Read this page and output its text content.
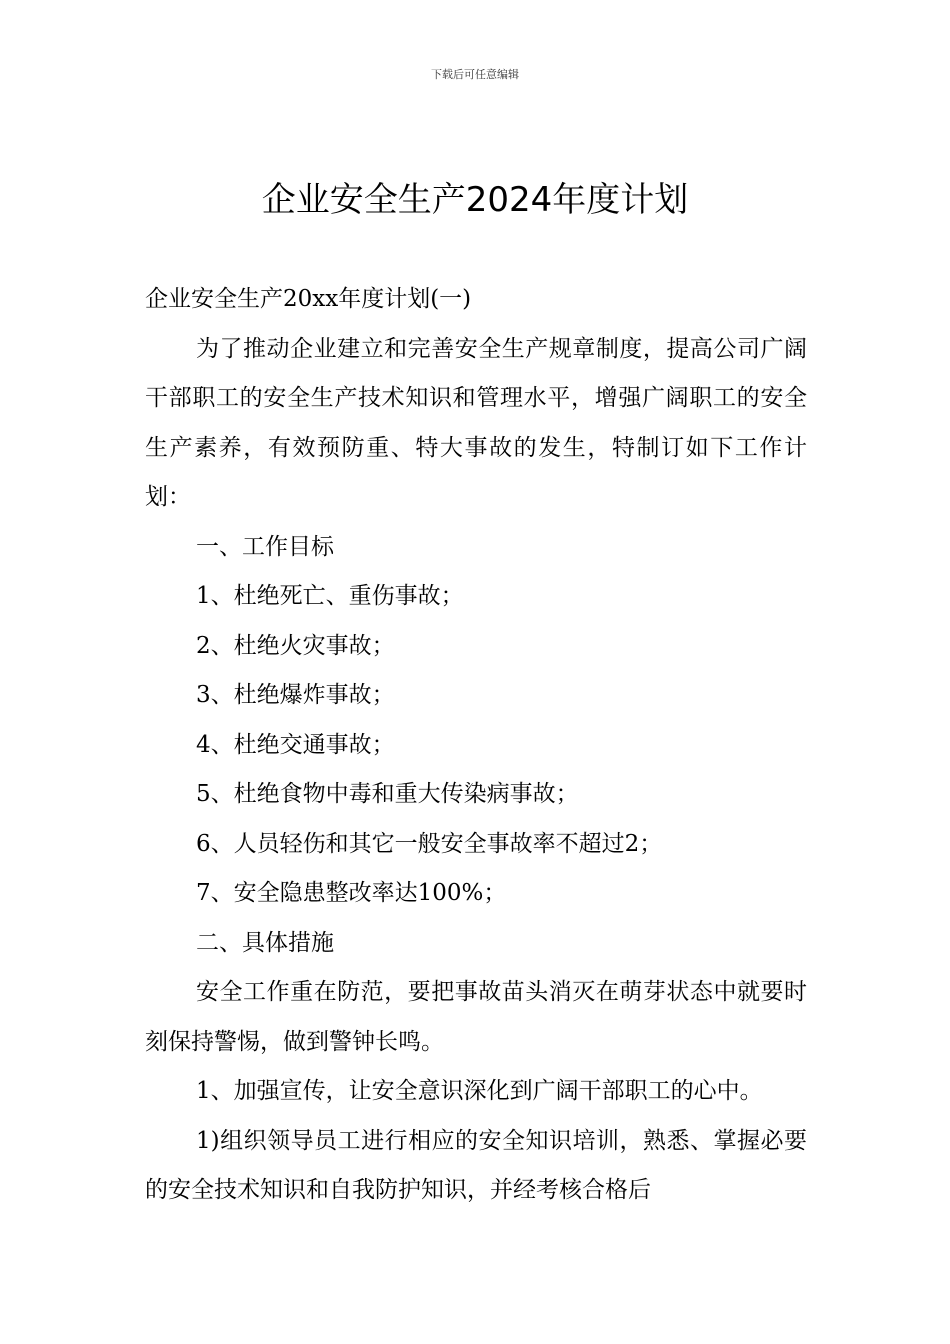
下载后可任意编辑
企业安全生产2024年度计划

企业安全生产20xx年度计划(一)

为了推动企业建立和完善安全生产规章制度，提高公司广阔干部职工的安全生产技术知识和管理水平，增强广阔职工的安全生产素养，有效预防重、特大事故的发生，特制订如下工作计划：

一、工作目标

1、杜绝死亡、重伤事故；

2、杜绝火灾事故；

3、杜绝爆炸事故；

4、杜绝交通事故；

5、杜绝食物中毒和重大传染病事故；

6、人员轻伤和其它一般安全事故率不超过2；

7、安全隐患整改率达100%；

二、具体措施

安全工作重在防范，要把事故苗头消灭在萌芽状态中就要时刻保持警惕，做到警钟长鸣。

1、加强宣传，让安全意识深化到广阔干部职工的心中。

1)组织领导员工进行相应的安全知识培训，熟悉、掌握必要的安全技术知识和自我防护知识，并经考核合格后
